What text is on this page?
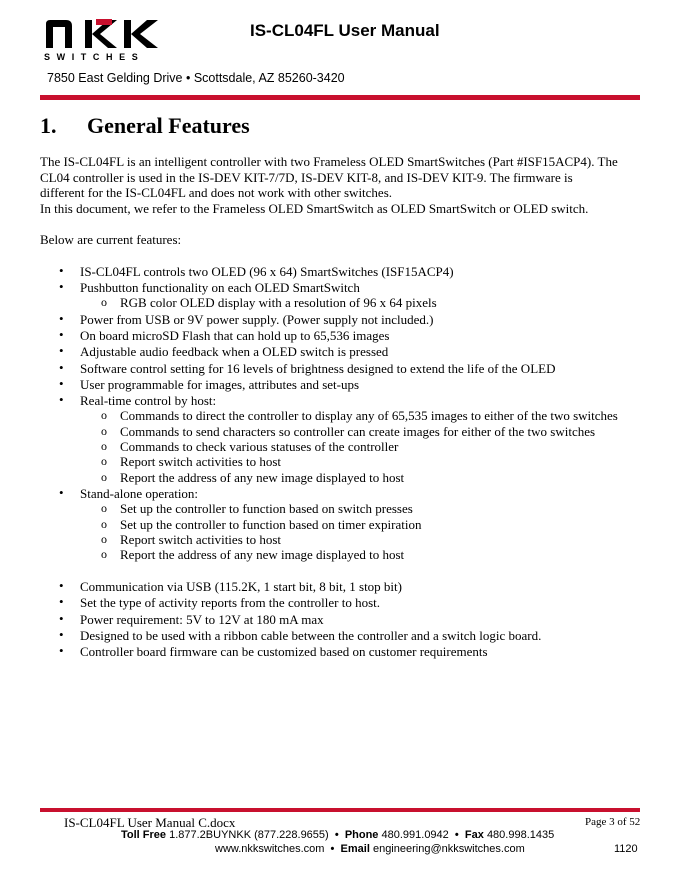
SWITCHES
IS-CL04FL User Manual
7850 East Gelding Drive • Scottsdale, AZ 85260-3420
1. General Features
The IS-CL04FL is an intelligent controller with two Frameless OLED SmartSwitches (Part #ISF15ACP4). The
CL04 controller is used in the IS-DEV KIT-7/7D, IS-DEV KIT-8, and IS-DEV KIT-9. The firmware is
different for the IS-CL04FL and does not work with other switches.
In this document, we refer to the Frameless OLED SmartSwitch as OLED SmartSwitch or OLED switch.
Below are current features:
• IS-CL04FL controls two OLED (96 x 64) SmartSwitches (ISF15ACP4)
• Pushbutton functionality on each OLED SmartSwitch
o RGB color OLED display with a resolution of 96 x 64 pixels
• Power from USB or 9V power supply. (Power supply not included.)
• On board microSD Flash that can hold up to 65,536 images
• Adjustable audio feedback when a OLED switch is pressed
• Software control setting for 16 levels of brightness designed to extend the life of the OLED
• User programmable for images, attributes and set-ups
• Real-time control by host:
o Commands to direct the controller to display any of 65,535 images to either of the two switches
o Commands to send characters so controller can create images for either of the two switches
o Commands to check various statuses of the controller
o Report switch activities to host
o Report the address of any new image displayed to host
• Stand-alone operation:
o Set up the controller to function based on switch presses
o Set up the controller to function based on timer expiration
o Report switch activities to host
o Report the address of any new image displayed to host
• Communication via USB (115.2K, 1 start bit, 8 bit, 1 stop bit)
• Set the type of activity reports from the controller to host.
• Power requirement: 5V to 12V at 180 mA max
• Designed to be used with a ribbon cable between the controller and a switch logic board.
• Controller board firmware can be customized based on customer requirements
IS-CL04FL User Manual C.docx	Page 3 of 52
Toll Free 1.877.2BUYNKK (877.228.9655) • Phone 480.991.0942 • Fax 480.998.1435
www.nkkswitches.com • Email engineering@nkkswitches.com	1120
